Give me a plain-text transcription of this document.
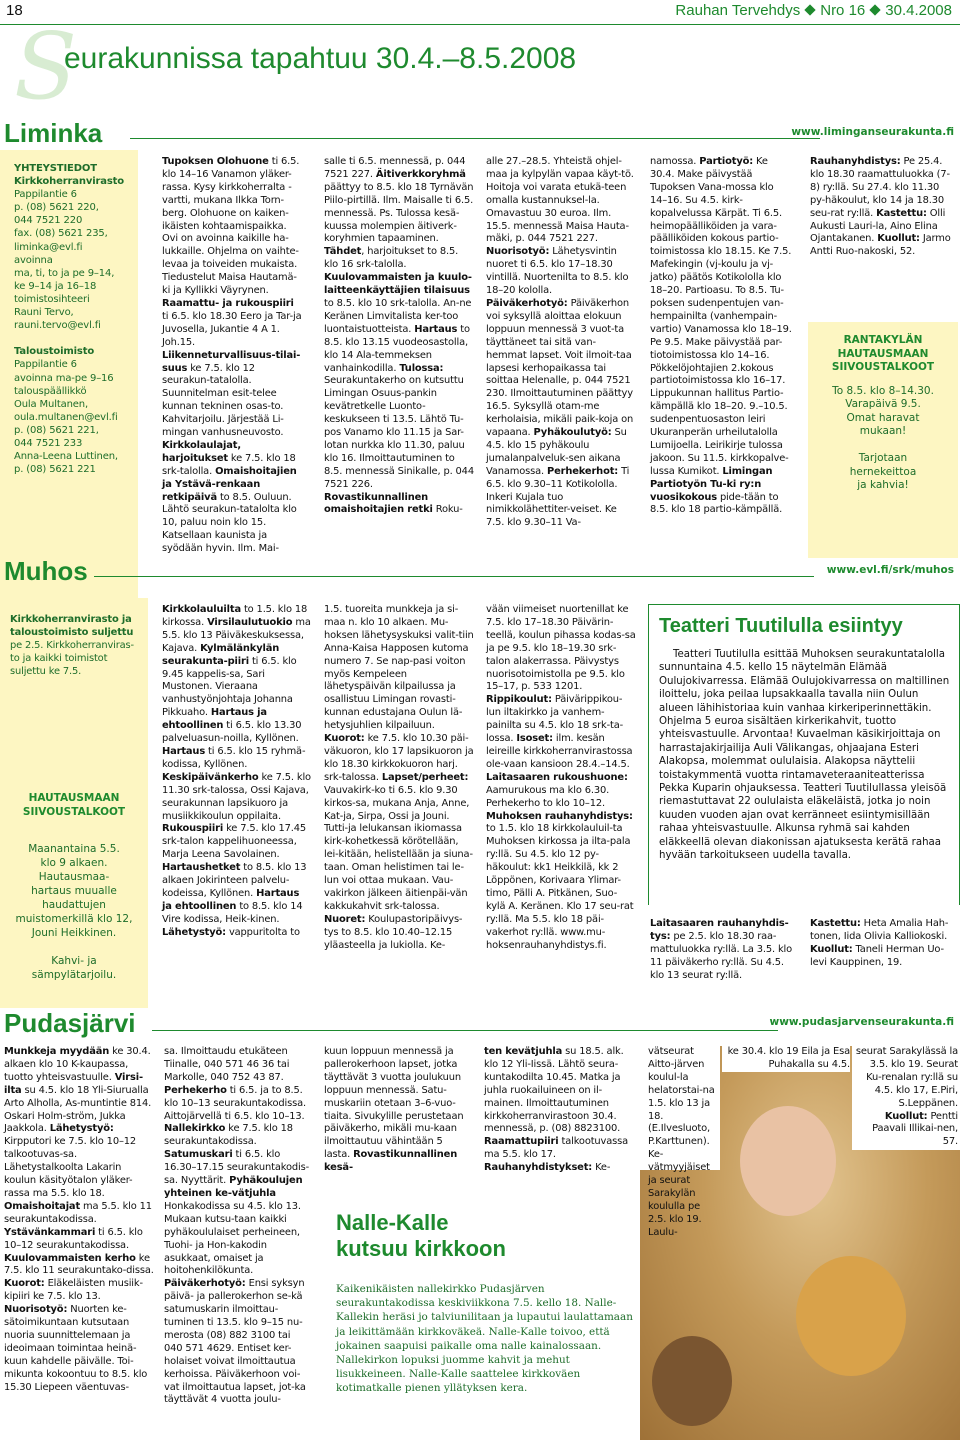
18	Rauhan Tervehdys Nro 16 30.4.2008
S
eurakunnissa tapahtuu 30.4.–8.5.2008
Liminka	www.liminganseurakunta.fi
YHTEYSTIEDOT
Kirkkoherranvirasto
Pappilantie 6
p. (08) 5621 220,
044 7521 220
fax. (08) 5621 235,
liminka@evl.fi
avoinna
ma, ti, to ja pe 9–14,
ke 9–14 ja 16–18
toimistosihteeri
Rauni Tervo,
rauni.tervo@evl.fi

Taloustoimisto
Pappilantie 6
avoinna ma-pe 9–16
talouspäällikkö
Oula Multanen,
oula.multanen@evl.fi
p. (08) 5621 221,
044 7521 233
Anna-Leena Luttinen,
p. (08) 5621 221
Tupoksen Olohuone ti 6.5. klo 14–16 Vanamon yläker-rassa. Kysy kirkkoherralta -vartti, mukana Ilkka Torn-berg. Olohuone on kaiken-ikäisten kohtaamispaikka. Ovi on avoinna kaikille ha-lukkaille. Ohjelma on vaihte-levaa ja toiveiden mukaista. Tiedustelut Maisa Hautamä-ki ja Kyllikki Väyrynen. Raamattu- ja rukouspiiri ti 6.5. klo 18.30 Eero ja Tar-ja Juvosella, Jukantie 4 A 1. Joh.15. Liikenneturvallisuus-tilai-suus ke 7.5. klo 12 seurakun-tatalolla. Suunnitelman esit-telee kunnan tekninen osas-to. Kahvitarjoilu. Järjestää Li-mingan vanhusneuvosto. Kirkkolaulajat, harjoitukset ke 7.5. klo 18 srk-talolla. Omaishoitajien ja Ystävä-renkaan retkipäivä to 8.5. Ouluun. Lähtö seurakun-tatalolta klo 10, paluu noin klo 15. Katsellaan kaunista ja syödään hyvin. Ilm. Mai-
salle ti 6.5. mennessä, p. 044 7521 227. Äitiverkkoryhmä päättyy to 8.5. klo 18 Tyrnävän Piilo-pirtillä. Ilm. Maisalle ti 6.5. mennessä. Ps. Tulossa kesä-kuussa molempien äitiverk-koryhmien tapaaminen. Tähdet, harjoitukset to 8.5. klo 16 srk-talolla. Kuulovammaisten ja kuulo-laitteenkäyttäjien tilaisuus to 8.5. klo 10 srk-talolla. An-ne Keränen Limvitalista ker-too luontaistuotteista. Hartaus to 8.5. klo 13.15 vuodeosastolla, klo 14 Ala-temmeksen vanhainkodilla. Tulossa: Seurakuntakerho on kutsuttu Limingan Osuus-pankin kevätretkelle Luonto-keskukseen ti 13.5. Lähtö Tu-pos Vanamo klo 11.15 ja Sar-lotan nurkka klo 11.30, paluu klo 16. Ilmoittautuminen to 8.5. mennessä Sinikalle, p. 044 7521 226. Rovastikunnallinen omaishoitajien retki Roku-
alle 27.–28.5. Yhteistä ohjel-maa ja kylpylän vapaa käyt-tö. Hoitoja voi varata etukä-teen omalla kustannuksel-la. Omavastuu 30 euroa. Ilm. 15.5. mennessä Maisa Hauta-mäki, p. 044 7521 227. Nuorisotyö: Lähetysvintin nuoret ti 6.5. klo 17–18.30 vintillä. Nuortenilta to 8.5. klo 18–20 kololla. Päiväkerhotyö: Päiväkerhon voi syksyllä aloittaa elokuun loppuun mennessä 3 vuot-ta täyttäneet tai sitä van-hemmat lapset. Voit ilmoit-taa lapsesi kerhopaikassa tai soittaa Helenalle, p. 044 7521 230. Ilmoittautuminen päättyy 16.5. Syksyllä otam-me kerholaisia, mikäli paik-koja on vapaana. Pyhäkoulutyö: Su 4.5. klo 15 pyhäkoulu jumalanpalveluk-sen aikana Vanamossa. Perhekerhot: Ti 6.5. klo 9.30–11 Kotikololla. Inkeri Kujala tuo nimikkolähettiter-veiset. Ke 7.5. klo 9.30–11 Va-
namossa. Partiotyö: Ke 30.4. Make päivystää Tupoksen Vana-mossa klo 14–16. Su 4.5. kirk-kopalvelussa Kärpät. Ti 6.5. heimopäälliköiden ja vara-päälliköiden kokous partio-toimistossa klo 18.15. Ke 7.5. Mafekingin (vj-koulu ja vj-jatko) päätös Kotikololla klo 18–20. Partioasu. To 8.5. Tu-poksen sudenpentujen van-hempainilta (vanhempain-vartio) Vanamossa klo 18–19. Pe 9.5. Make päivystää par-tiotoimistossa klo 14–16. Pökkelöjohtajien 2.kokous partiotoimistossa klo 16–17. Lippukunnan hallitus Partio-kämpällä klo 18–20. 9.–10.5. sudenpentuosaston leiri Ukuranperän urheilutalolla Lumijoella. Leirikirje tulossa jakoon. Su 11.5. kirkkopalve-lussa Kumikot. Limingan Partiotyön Tu-ki ry:n vuosikokous pide-tään to 8.5. klo 18 partio-kämpällä.
Rauhanyhdistys: Pe 25.4. klo 18.30 raamattuluokka (7-8) ry:llä. Su 27.4. klo 11.30 py-häkoulut, klo 14 ja 18.30 seu-rat ry:llä. Kastettu: Olli Aukusti Lauri-la, Aino Elina Ojantakanen. Kuollut: Jarmo Antti Ruo-nakoski, 52.
RANTAKYLÄN
HAUTAUSMAAN
SIIVOUSTALKOOT
To 8.5. klo 8–14.30.
Varapäivä 9.5.
Omat haravat
mukaan!

Tarjotaan
hernekeittoa
ja kahvia!
Muhos	www.evl.fi/srk/muhos
Kirkkoherranvirasto ja taloustoimisto suljettu pe 2.5. Kirkkoherranviras-to ja kaikki toimistot suljettu ke 7.5.
HAUTAUSMAAN
SIIVOUSTALKOOT
Maanantaina 5.5.
klo 9 alkaen.
Hautausmaa-
hartaus muualle
haudattujen
muistomerkillä klo 12,
Jouni Heikkinen.

Kahvi- ja
sämpylätarjoilu.
Kirkkolauluilta to 1.5. klo 18 kirkossa. Virsilaulutuokio ma 5.5. klo 13 Päiväkeskuksessa, Kajava. Kylmälänkylän seurakunta-piiri ti 6.5. klo 9.45 kappelis-sa, Sari Mustonen. Vieraana vanhustyönjohtaja Johanna Pikkuaho. Hartaus ja ehtoollinen ti 6.5. klo 13.30 palveluasun-noilla, Kyllönen. Hartaus ti 6.5. klo 15 ryhmä-kodissa, Kyllönen. Keskipäivänkerho ke 7.5. klo 11.30 srk-talossa, Ossi Kajava, seurakunnan lapsikuoro ja musiikkikoulun oppilaita. Rukouspiiri ke 7.5. klo 17.45 srk-talon kappelihuoneessa, Marja Leena Savolainen. Hartaushetket to 8.5. klo 13 alkaen Jokirinteen palvelu-kodeissa, Kyllönen. Hartaus ja ehtoollinen to 8.5. klo 14 Vire kodissa, Heik-kinen. Lähetystyö: vappuritolta to
1.5. tuoreita munkkeja ja si-maa n. klo 10 alkaen. Mu-hoksen lähetysyskuksi valit-tiin Anna-Kaisa Happosen kutoma numero 7. Se nap-pasi voiton myös Kempeleen lähetyspäivän kilpailussa ja osallistuu Limingan rovasti-kunnan edustajana Oulun lä-hetysjuhlien kilpailuun. Kuorot: ke 7.5. klo 10.30 päi-väkuoron, klo 17 lapsikuoron ja klo 18.30 kirkkokuoron harj. srk-talossa. Lapset/perheet: Vauvakirk-ko ti 6.5. klo 9.30 kirkos-sa, mukana Anja, Anne, Kat-ja, Sirpa, Ossi ja Jouni. Tutti-ja lelukansan ikiomassa kirk-kohetkessä körötellään, lei-kitään, helistellään ja siuna-taan. Oman helistimen tai le-lun voi ottaa mukaan. Vau-vakirkon jälkeen äitienpäi-vän kakkukahvit srk-talossa. Nuoret: Koulupastoripäivys-tys to 8.5. klo 10.40–12.15 yläasteella ja lukiolla. Ke-
vään viimeiset nuortenillat ke 7.5. klo 17–18.30 Päivärin-teellä, koulun pihassa kodas-sa ja pe 9.5. klo 18–19.30 srk-talon alakerrassa. Päivystys nuorisotoimistolla pe 9.5. klo 15–17, p. 533 1201. Rippikoulut: Päivärippikou-lun iltakirkko ja vanhem-painilta su 4.5. klo 18 srk-ta-lossa. Isoset: ilm. kesän leireille kirkkoherranvirastossa ole-vaan kansioon 28.4.–14.5. Laitasaaren rukoushuone: Aamurukous ma klo 6.30. Perhekerho to klo 10–12. Muhoksen rauhanyhdistys: to 1.5. klo 18 kirkkolauluil-ta Muhoksen kirkossa ja ilta-pala ry:llä. Su 4.5. klo 12 py-häkoulut: kk1 Heikkilä, kk 2 Löppönen, Korivaara Ylimar-timo, Pälli A. Pitkänen, Suo-kylä A. Keränen. Klo 17 seu-rat ry:llä. Ma 5.5. klo 18 päi-vakerhot ry:llä. www.mu-hoksenrauhanyhdistys.fi.
Teatteri Tuutilulla esiintyy
Teatteri Tuutilulla esittää Muhoksen seurakuntatalolla sunnuntaina 4.5. kello 15 näytelmän Elämää Oulujokivarressa. Elämää Oulujokivarressa on maltillinen iloittelu, joka peilaa lupsakkaalla tavalla niin Oulun alueen lähihistoriaa kuin vanhaa kirkeriperinnettäkin. Ohjelma 5 euroa sisältäen kirkerikahvit, tuotto yhteisvastuulle. Arvontaa! Kuvaelman käsikirjoittaja on harrastajakirjailija Auli Välikangas, ohjaajana Esteri Alakopsa, molemmat oululaisia. Alakopsa näyttelii toistakymmentä vuotta rintamaveteraaniteatterissa Pekka Kuparin ohjauksessa. Teatteri Tuutilullassa yleisöä riemastuttavat 22 oululaista eläkeläistä, jotka jo noin kuuden vuoden ajan ovat kerränneet esiintymisillään rahaa yhteisvastuulle. Alkunsa ryhmä sai kahden eläkkeellä olevan diakonissan ajatuksesta kerätä rahaa hyvään tarkoitukseen uudella tavalla.
Laitasaaren rauhanyhdis-tys: pe 2.5. klo 18.30 raa-mattuluokka ry:llä. La 3.5. klo 11 päiväkerho ry:llä. Su 4.5. klo 13 seurat ry:llä.
Kastettu: Heta Amalia Hah-tonen, Iida Olivia Kalliokoski. Kuollut: Taneli Herman Uo-levi Kauppinen, 19.
Pudasjärvi	www.pudasjarvenseurakunta.fi
Munkkeja myydään ke 30.4. alkaen klo 10 K-kaupassa, tuotto yhteisvastuulle. Virsi-ilta su 4.5. klo 18 Yli-Siurualla Arto Alholla, As-muntintie 814. Oskari Holm-ström, Jukka Jaakkola. Lähetystyö: Kirpputori ke 7.5. klo 10–12 talkootuvas-sa. Lähetystalkoolta Lakarin koulun käsityötalon yläker-rassa ma 5.5. klo 18. Omaishoitajat ma 5.5. klo 11 seurakuntakodissa. Ystävänkammari ti 6.5. klo 10–12 seurakuntakodissa. Kuulovammaisten kerho ke 7.5. klo 11 seurakuntako-dissa. Kuorot: Eläkeläisten musiik-kipiiri ke 7.5. klo 13. Nuorisotyö: Nuorten ke-sätoimikuntaan kutsutaan nuoria suunnittelemaan ja ideoimaan toimintaa heinä-kuun kahdelle päivälle. Toi-mikunta kokoontuu to 8.5. klo 15.30 Liepeen väentuvas-
sa. Ilmoittaudu etukäteen Tiinalle, 040 571 46 36 tai Markolle, 040 752 43 87. Perhekerho ti 6.5. ja to 8.5. klo 10–13 seurakuntakodissa. Aittojärvellä ti 6.5. klo 10–13. Nallekirkko ke 7.5. klo 18 seurakuntakodissa. Satumuskari ti 6.5. klo 16.30–17.15 seurakuntakodis-sa. Nyyttärit. Pyhäkoulujen yhteinen ke-vätjuhla Honkakodissa su 4.5. klo 13. Mukaan kutsu-taan kaikki pyhäkoululaiset perheineen, Tuohi- ja Hon-kakodin asukkaat, omaiset ja hoitohenkilökunta. Päiväkerhotyö: Ensi syksyn päivä- ja pallerokerhon se-kä satumuskarin ilmoittau-tuminen ti 13.5. klo 9–15 nu-merosta (08) 882 3100 tai 040 571 4629. Entiset ker-holaiset voivat ilmoittautua kerhoissa. Päiväkerhoon voi-vat ilmoittautua lapset, jot-ka täyttävät 4 vuotta joulu-
kuun loppuun mennessä ja pallerokerhoon lapset, jotka täyttävät 3 vuotta joulukuun loppuun mennessä. Satu-muskariin otetaan 3–6-vuo-tiaita. Sivukylille perustetaan päiväkerho, mikäli mu-kaan ilmoittautuu vähintään 5 lasta. Rovastikunnallinen kesä-
ten kevätjuhla su 18.5. alk. klo 12 Yli-Iissä. Lähtö seura-kuntakodilta 10.45. Matka ja juhla ruokailuineen on il-mainen. Ilmoittautuminen kirkkoherranvirastoon 30.4. mennessä, p. (08) 8823100. Raamattupiiri talkootuvassa ma 5.5. klo 17. Rauhanyhdistykset: Ke-
vätseurat Aitto-järven koulul-la helatorstai-na 1.5. klo 13 ja 18. (E.Ilvesluoto, P.Karttunen). Ke-vätmyyjäiset ja seurat Sarakylän koululla pe 2.5. klo 19. Laulu-
seurat Sarakylässä la 3.5. klo 19. Seurat Ku-renalan ry:llä su 4.5. klo 17, E.Piri, S.Leppänen. Kuollut: Pentti Paavali Illikai-nen, 57.
ke 30.4. klo 19 Eila ja Esa Puhakalla su 4.5.
Nalle-Kalle
kutsuu kirkkoon
Kaikenikäisten nallekirkko Pudasjärven seurakuntakodissa keskiviikkona 7.5. kello 18. Nalle-Kallekin heräsi jo talviunilitaan ja lupautui laulattamaan ja leikittämään kirkkoväkeä. Nalle-Kalle toivoo, että jokainen saapuisi paikalle oma nalle kainalossaan. Nallekirkon lopuksi juomme kahvit ja mehut lisukkeineen. Nalle-Kalle saattelee kirkkoväen kotimatkalle pienen yllätyksen kera.
